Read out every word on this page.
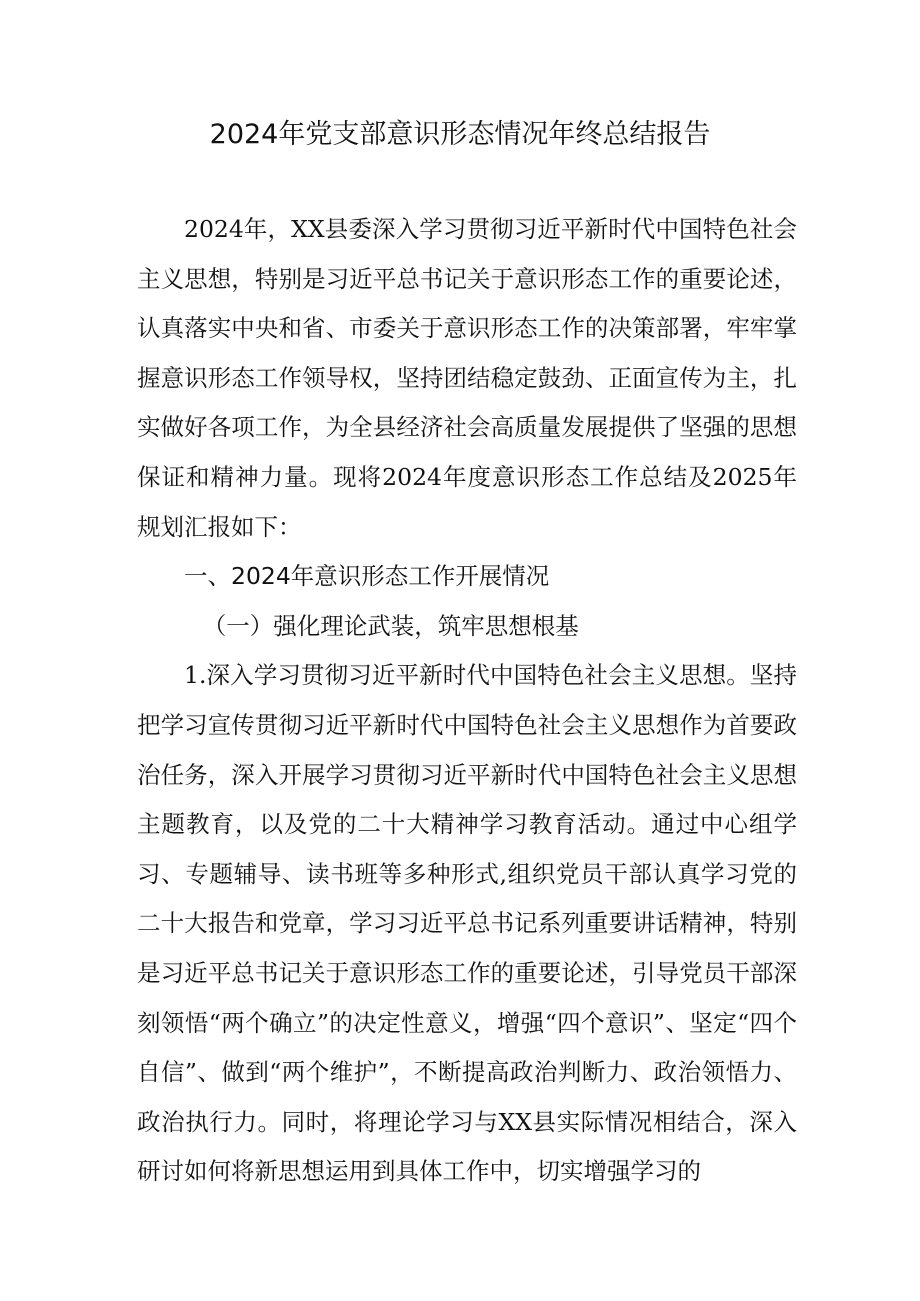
2024年党支部意识形态情况年终总结报告

2024年，XX县委深入学习贯彻习近平新时代中国特色社会主义思想，特别是习近平总书记关于意识形态工作的重要论述，认真落实中央和省、市委关于意识形态工作的决策部署，牢牢掌握意识形态工作领导权，坚持团结稳定鼓劲、正面宣传为主，扎实做好各项工作，为全县经济社会高质量发展提供了坚强的思想保证和精神力量。现将2024年度意识形态工作总结及2025年规划汇报如下：

一、2024年意识形态工作开展情况

（一）强化理论武装，筑牢思想根基

1.深入学习贯彻习近平新时代中国特色社会主义思想。坚持把学习宣传贯彻习近平新时代中国特色社会主义思想作为首要政治任务，深入开展学习贯彻习近平新时代中国特色社会主义思想主题教育，以及党的二十大精神学习教育活动。通过中心组学习、专题辅导、读书班等多种形式,组织党员干部认真学习党的二十大报告和党章，学习习近平总书记系列重要讲话精神，特别是习近平总书记关于意识形态工作的重要论述，引导党员干部深刻领悟“两个确立”的决定性意义，增强“四个意识”、坚定“四个自信”、做到“两个维护”，不断提高政治判断力、政治领悟力、政治执行力。同时，将理论学习与XX县实际情况相结合，深入研讨如何将新思想运用到具体工作中，切实增强学习的
